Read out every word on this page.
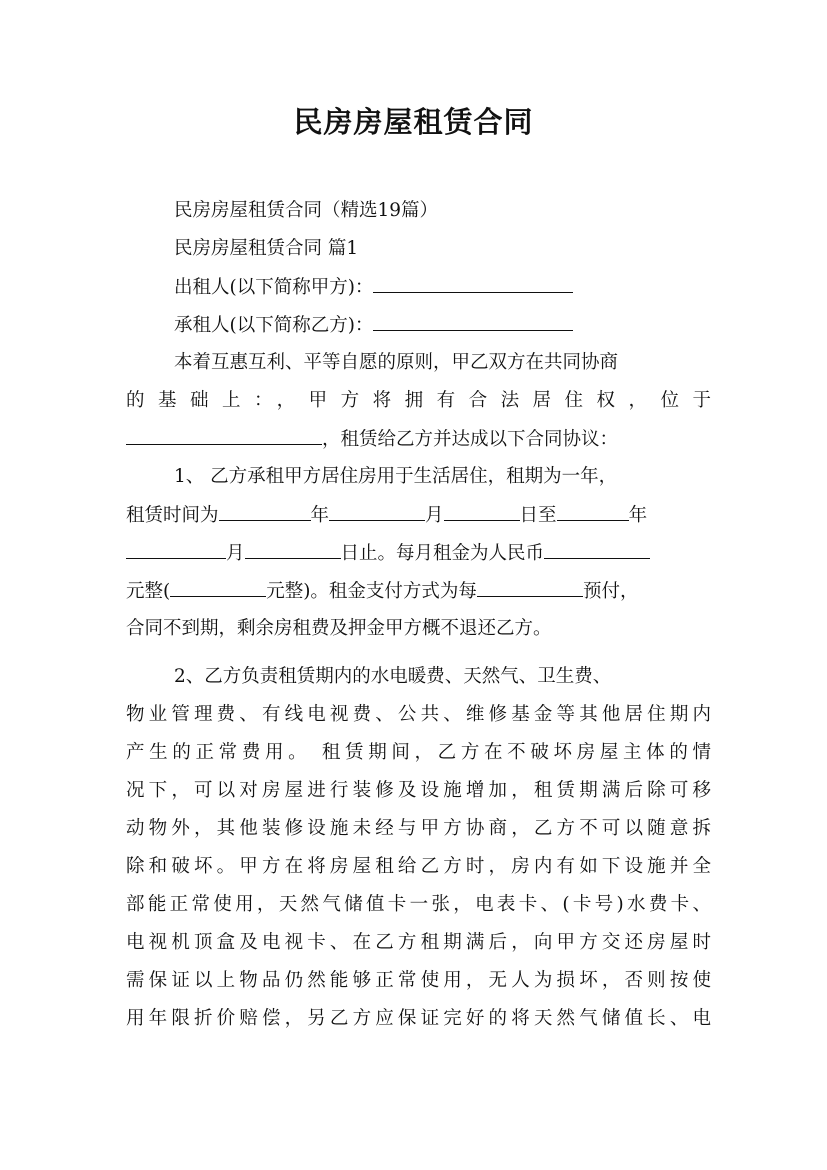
民房房屋租赁合同
民房房屋租赁合同（精选19篇）
民房房屋租赁合同 篇1
出租人(以下简称甲方)：
承租人(以下简称乙方)：
本着互惠互利、平等自愿的原则，甲乙双方在共同协商
的基础上：，甲方将拥有合法居住权，位于
，租赁给乙方并达成以下合同协议：
1、 乙方承租甲方居住房用于生活居住，租期为一年，
租赁时间为	年	月	日至	年
月	日止。每月租金为人民币
元整(	元整)。租金支付方式为每	预付，
合同不到期，剩余房租费及押金甲方概不退还乙方。
2、乙方负责租赁期内的水电暖费、天然气、卫生费、
物业管理费、有线电视费、公共、维修基金等其他居住期内
产生的正常费用。 租赁期间，乙方在不破坏房屋主体的情
况下，可以对房屋进行装修及设施增加，租赁期满后除可移
动物外，其他装修设施未经与甲方协商，乙方不可以随意拆
除和破坏。甲方在将房屋租给乙方时，房内有如下设施并全
部能正常使用，天然气储值卡一张，电表卡、(卡号)水费卡、
电视机顶盒及电视卡、在乙方租期满后，向甲方交还房屋时
需保证以上物品仍然能够正常使用，无人为损坏，否则按使
用年限折价赔偿，另乙方应保证完好的将天然气储值长、电
